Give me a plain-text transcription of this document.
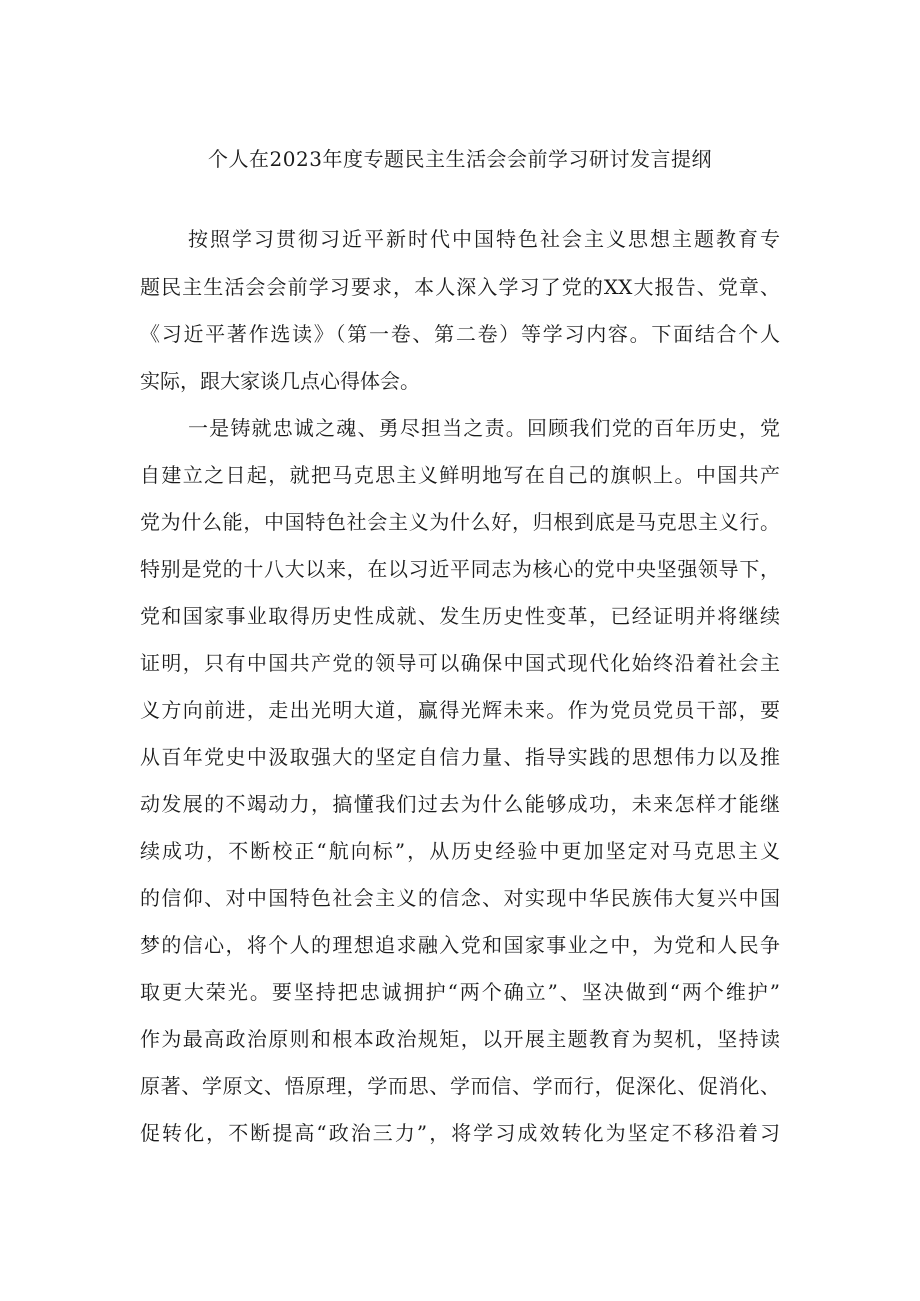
个人在2023年度专题民主生活会会前学习研讨发言提纲
按照学习贯彻习近平新时代中国特色社会主义思想主题教育专
题民主生活会会前学习要求，本人深入学习了党的XX大报告、党章、
《习近平著作选读》（第一卷、第二卷）等学习内容。下面结合个人
实际，跟大家谈几点心得体会。
一是铸就忠诚之魂、勇尽担当之责。回顾我们党的百年历史，党
自建立之日起，就把马克思主义鲜明地写在自己的旗帜上。中国共产
党为什么能，中国特色社会主义为什么好，归根到底是马克思主义行。
特别是党的十八大以来，在以习近平同志为核心的党中央坚强领导下，
党和国家事业取得历史性成就、发生历史性变革，已经证明并将继续
证明，只有中国共产党的领导可以确保中国式现代化始终沿着社会主
义方向前进，走出光明大道，赢得光辉未来。作为党员党员干部，要
从百年党史中汲取强大的坚定自信力量、指导实践的思想伟力以及推
动发展的不竭动力，搞懂我们过去为什么能够成功，未来怎样才能继
续成功，不断校正“航向标”，从历史经验中更加坚定对马克思主义
的信仰、对中国特色社会主义的信念、对实现中华民族伟大复兴中国
梦的信心，将个人的理想追求融入党和国家事业之中，为党和人民争
取更大荣光。要坚持把忠诚拥护“两个确立”、坚决做到“两个维护”
作为最高政治原则和根本政治规矩，以开展主题教育为契机，坚持读
原著、学原文、悟原理，学而思、学而信、学而行，促深化、促消化、
促转化，不断提高“政治三力”，将学习成效转化为坚定不移沿着习
